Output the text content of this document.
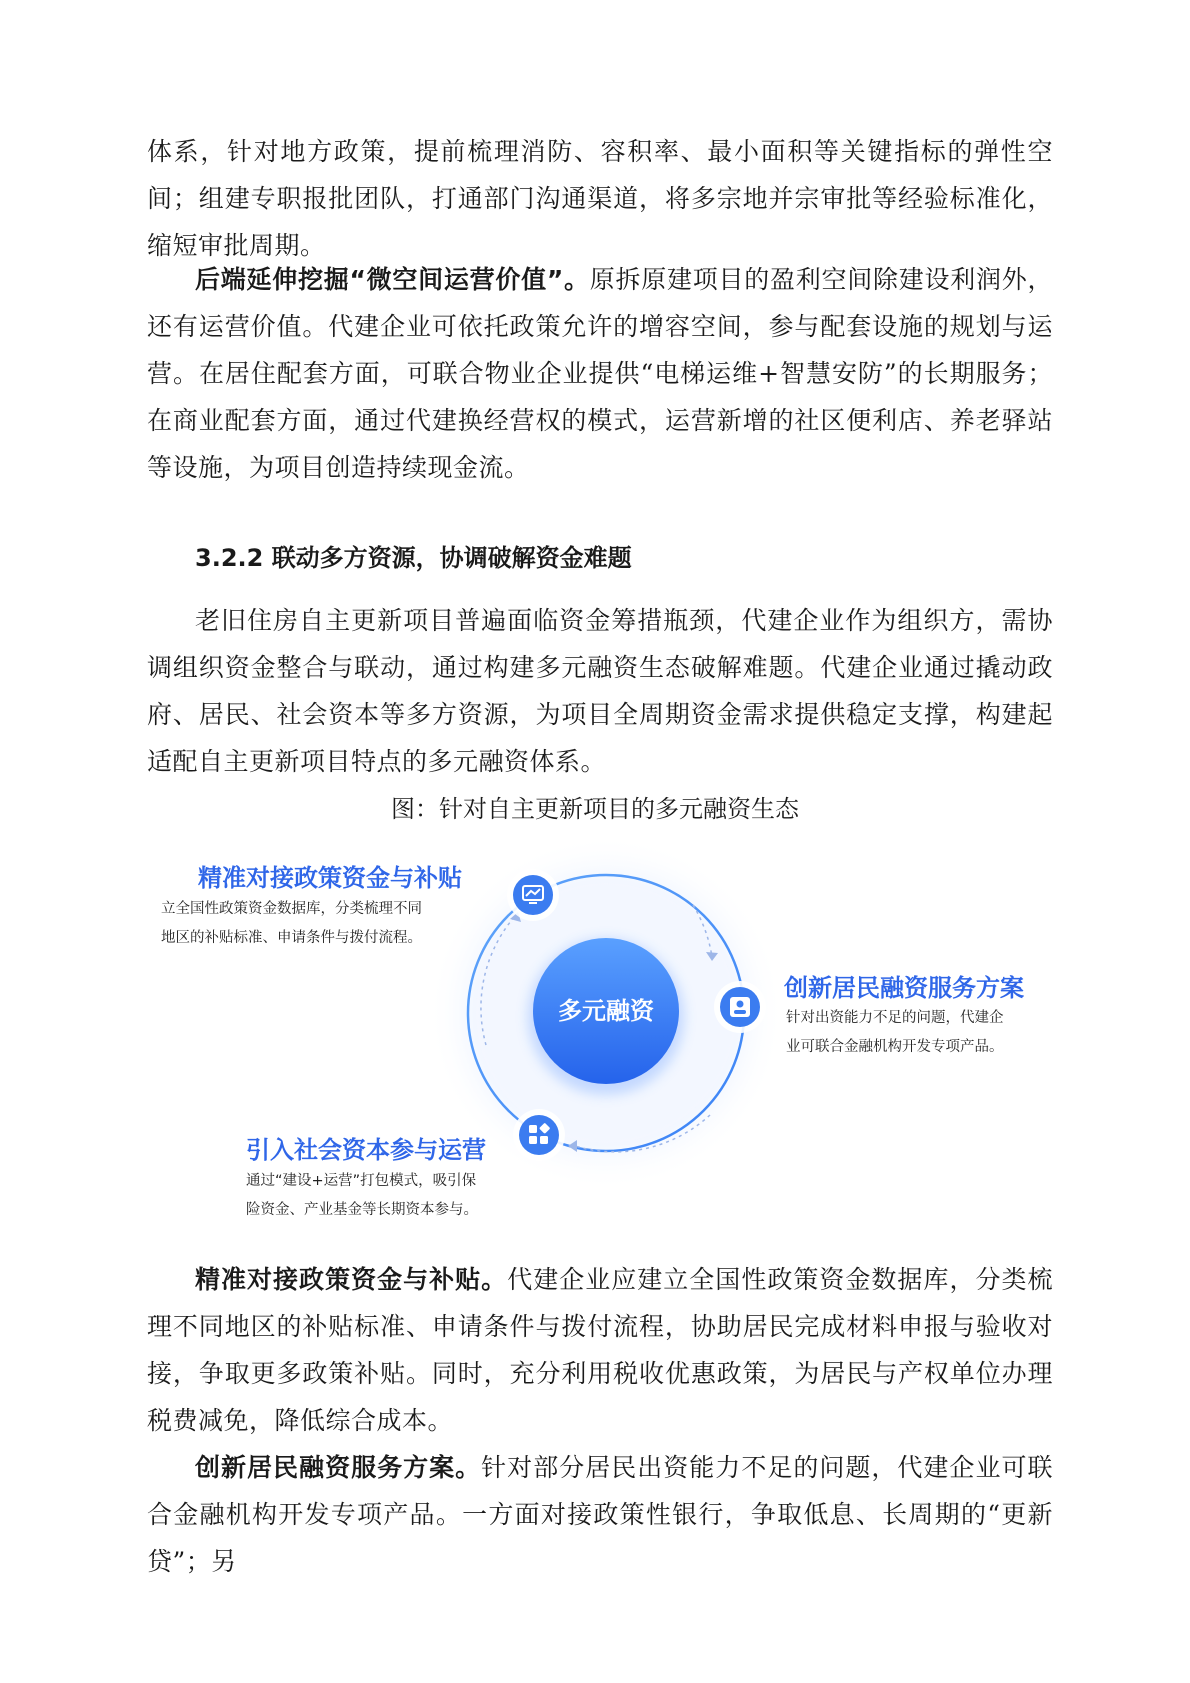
体系，针对地方政策，提前梳理消防、容积率、最小面积等关键指标的弹性空间；组建专职报批团队，打通部门沟通渠道，将多宗地并宗审批等经验标准化，缩短审批周期。

后端延伸挖掘“微空间运营价值”。原拆原建项目的盈利空间除建设利润外，还有运营价值。代建企业可依托政策允许的增容空间，参与配套设施的规划与运营。在居住配套方面，可联合物业企业提供“电梯运维+智慧安防”的长期服务；在商业配套方面，通过代建换经营权的模式，运营新增的社区便利店、养老驿站等设施，为项目创造持续现金流。

3.2.2 联动多方资源，协调破解资金难题

老旧住房自主更新项目普遍面临资金筹措瓶颈，代建企业作为组织方，需协调组织资金整合与联动，通过构建多元融资生态破解难题。代建企业通过撬动政府、居民、社会资本等多方资源，为项目全周期资金需求提供稳定支撑，构建起适配自主更新项目特点的多元融资体系。

图：针对自主更新项目的多元融资生态

多元融资

精准对接政策资金与补贴

立全国性政策资金数据库，分类梳理不同
地区的补贴标准、申请条件与拨付流程。

创新居民融资服务方案

针对出资能力不足的问题，代建企
业可联合金融机构开发专项产品。

引入社会资本参与运营

通过“建设+运营”打包模式，吸引保
险资金、产业基金等长期资本参与。

精准对接政策资金与补贴。代建企业应建立全国性政策资金数据库，分类梳理不同地区的补贴标准、申请条件与拨付流程，协助居民完成材料申报与验收对接，争取更多政策补贴。同时，充分利用税收优惠政策，为居民与产权单位办理税费减免，降低综合成本。

创新居民融资服务方案。针对部分居民出资能力不足的问题，代建企业可联合金融机构开发专项产品。一方面对接政策性银行，争取低息、长周期的“更新贷”；另
